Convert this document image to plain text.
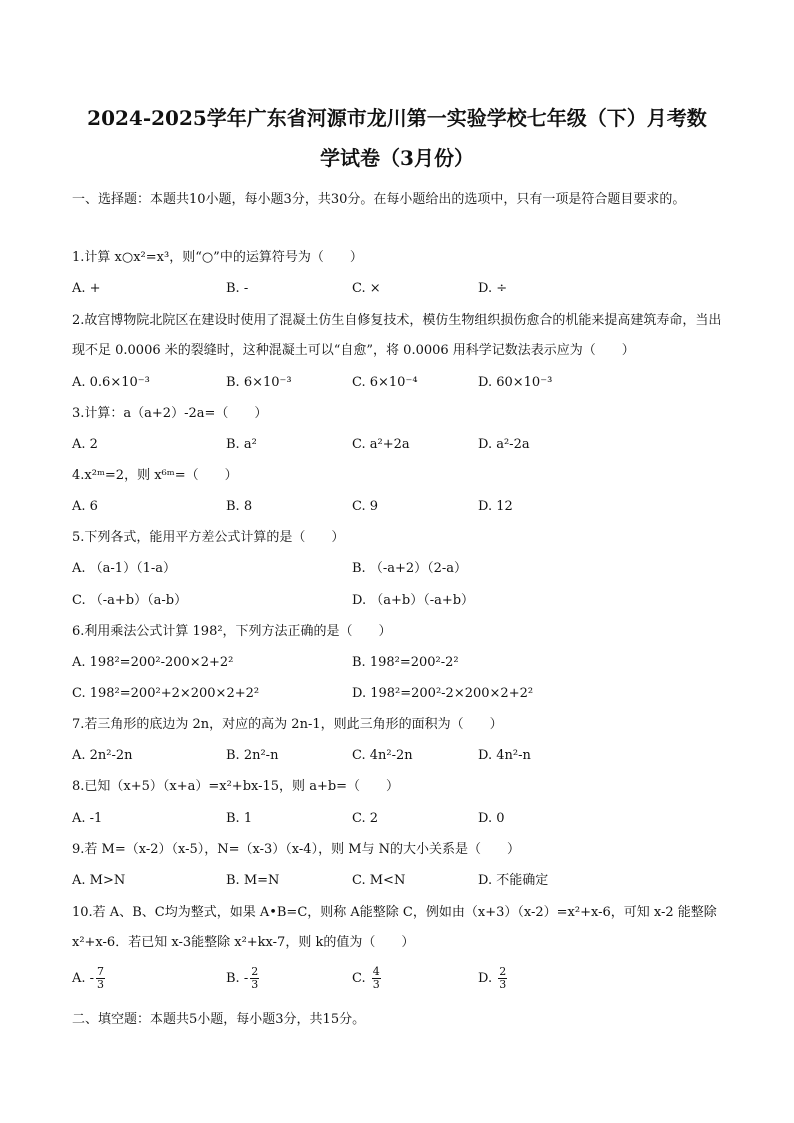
2024-2025学年广东省河源市龙川第一实验学校七年级（下）月考数
学试卷（3月份）
一、选择题：本题共10小题，每小题3分，共30分。在每小题给出的选项中，只有一项是符合题目要求的。
1.计算 x○x²=x³，则“○”中的运算符号为（　　）
A. +	B. -	C. ×	D. ÷
2.故宫博物院北院区在建设时使用了混凝土仿生自修复技术，模仿生物组织损伤愈合的机能来提高建筑寿命，当出现不足 0.0006 米的裂缝时，这种混凝土可以“自愈”，将 0.0006 用科学记数法表示应为（　　）
A. 0.6×10⁻³	B. 6×10⁻³	C. 6×10⁻⁴	D. 60×10⁻³
3.计算：a（a+2）-2a=（　　）
A. 2	B. a²	C. a²+2a	D. a²-2a
4.x²ᵐ=2，则 x⁶ᵐ=（　　）
A. 6	B. 8	C. 9	D. 12
5.下列各式，能用平方差公式计算的是（　　）
A. （a-1）（1-a）	B. （-a+2）（2-a）
C. （-a+b）（a-b）	D. （a+b）（-a+b）
6.利用乘法公式计算 198²，下列方法正确的是（　　）
A. 198²=200²-200×2+2²	B. 198²=200²-2²
C. 198²=200²+2×200×2+2²	D. 198²=200²-2×200×2+2²
7.若三角形的底边为 2n，对应的高为 2n-1，则此三角形的面积为（　　）
A. 2n²-2n	B. 2n²-n	C. 4n²-2n	D. 4n²-n
8.已知（x+5）（x+a）=x²+bx-15，则 a+b=（　　）
A. -1	B. 1	C. 2	D. 0
9.若 M=（x-2）（x-5），N=（x-3）（x-4），则 M与 N的大小关系是（　　）
A. M>N	B. M=N	C. M<N	D. 不能确定
10.若 A、B、C均为整式，如果 A•B=C，则称 A能整除 C，例如由（x+3）（x-2）=x²+x-6，可知 x-2 能整除 x²+x-6．若已知 x-3能整除 x²+kx-7，则 k的值为（　　）
A. - $\frac{7}{3}$	B. - $\frac{2}{3}$	C. $\frac{4}{3}$	D. $\frac{2}{3}$
二、填空题：本题共5小题，每小题3分，共15分。
